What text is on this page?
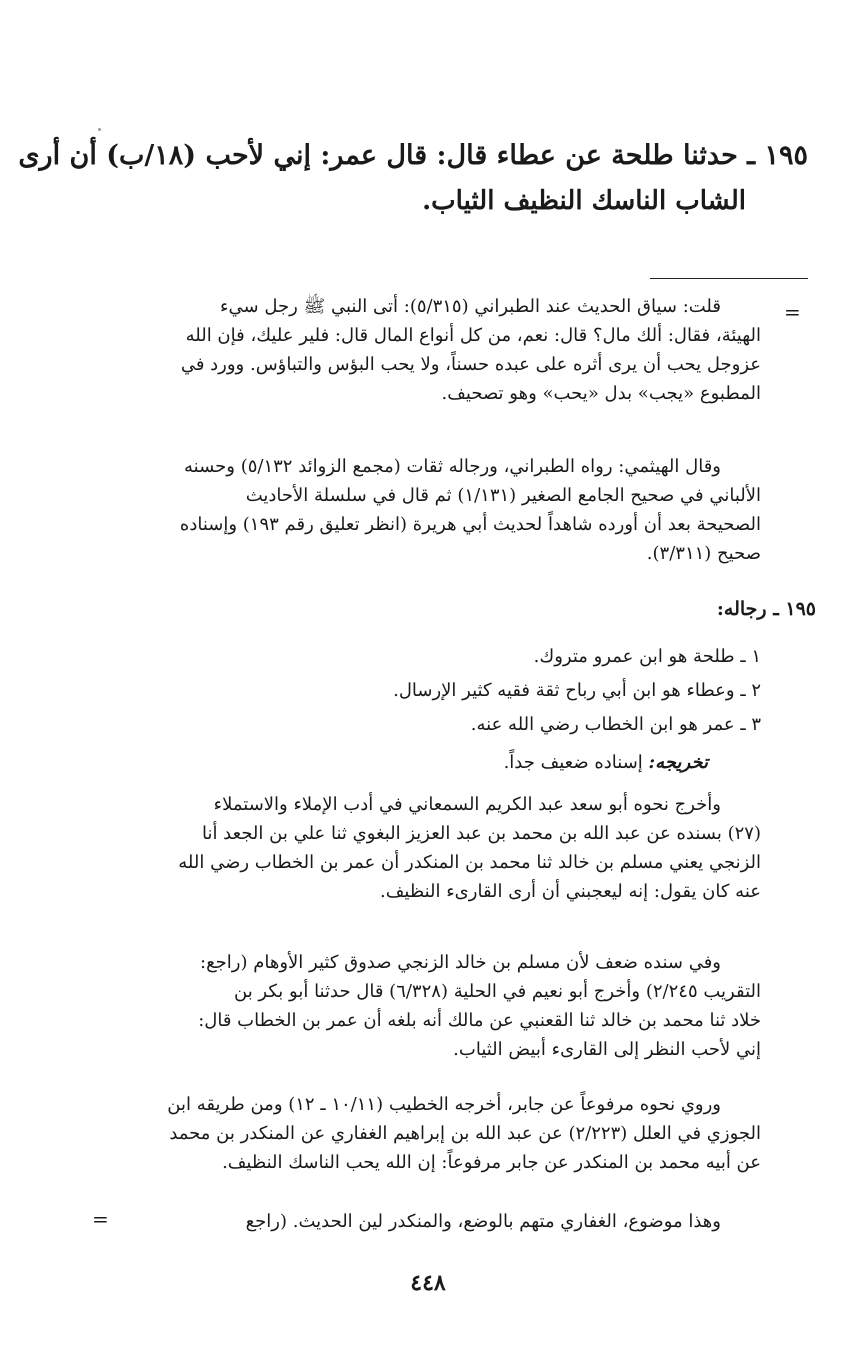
١٩٥ ـ حدثنا طلحة عن عطاء قال: قال عمر: إني لأحب (١٨/ب) أن أرى
الشاب الناسك النظيف الثياب.
=
قلت: سياق الحديث عند الطبراني (٥/٣١٥): أتى النبي ﷺ رجل سيء
الهيئة، فقال: ألك مال؟ قال: نعم، من كل أنواع المال قال: فلير عليك، فإن الله
عزوجل يحب أن يرى أثره على عبده حسناً، ولا يحب البؤس والتباؤس. وورد في
المطبوع «يجب» بدل «يحب» وهو تصحيف.
وقال الهيثمي: رواه الطبراني، ورجاله ثقات (مجمع الزوائد ٥/١٣٢) وحسنه
الألباني في صحيح الجامع الصغير (١/١٣١) ثم قال في سلسلة الأحاديث
الصحيحة بعد أن أورده شاهداً لحديث أبي هريرة (انظر تعليق رقم ١٩٣) وإسناده
صحيح (٣/٣١١).
١٩٥ ـ رجاله:
١ ـ طلحة هو ابن عمرو متروك.
٢ ـ وعطاء هو ابن أبي رباح ثقة فقيه كثير الإرسال.
٣ ـ عمر هو ابن الخطاب رضي الله عنه.
تخريجه: إسناده ضعيف جداً.
وأخرج نحوه أبو سعد عبد الكريم السمعاني في أدب الإملاء والاستملاء
(٢٧) بسنده عن عبد الله بن محمد بن عبد العزيز البغوي ثنا علي بن الجعد أنا
الزنجي يعني مسلم بن خالد ثنا محمد بن المنكدر أن عمر بن الخطاب رضي الله
عنه كان يقول: إنه ليعجبني أن أرى القارىء النظيف.
وفي سنده ضعف لأن مسلم بن خالد الزنجي صدوق كثير الأوهام (راجع:
التقريب ٢/٢٤٥) وأخرج أبو نعيم في الحلية (٦/٣٢٨) قال حدثنا أبو بكر بن
خلاد ثنا محمد بن خالد ثنا القعنبي عن مالك أنه بلغه أن عمر بن الخطاب قال:
إني لأحب النظر إلى القارىء أبيض الثياب.
وروي نحوه مرفوعاً عن جابر، أخرجه الخطيب (١٠/١١ ـ ١٢) ومن طريقه ابن
الجوزي في العلل (٢/٢٢٣) عن عبد الله بن إبراهيم الغفاري عن المنكدر بن محمد
عن أبيه محمد بن المنكدر عن جابر مرفوعاً: إن الله يحب الناسك النظيف.
وهذا موضوع، الغفاري متهم بالوضع، والمنكدر لين الحديث. (راجع
=
٤٤٨
